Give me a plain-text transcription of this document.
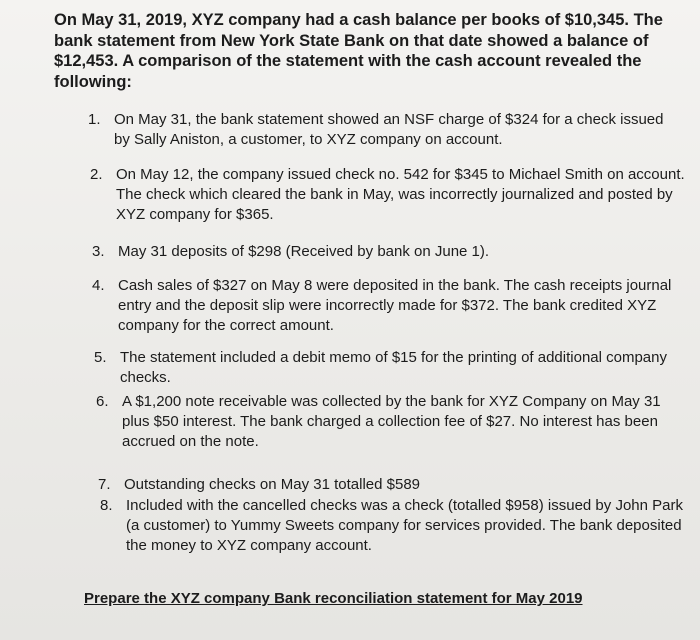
On May 31, 2019, XYZ company had a cash balance per books of $10,345. The bank statement from New York State Bank on that date showed a balance of $12,453. A comparison of the statement with the cash account revealed the following:
1. On May 31, the bank statement showed an NSF charge of $324 for a check issued by Sally Aniston, a customer, to XYZ company on account.
2. On May 12, the company issued check no. 542 for $345 to Michael Smith on account. The check which cleared the bank in May, was incorrectly journalized and posted by XYZ company for $365.
3. May 31 deposits of $298 (Received by bank on June 1).
4. Cash sales of $327 on May 8 were deposited in the bank. The cash receipts journal entry and the deposit slip were incorrectly made for $372. The bank credited XYZ company for the correct amount.
5. The statement included a debit memo of $15 for the printing of additional company checks.
6. A $1,200 note receivable was collected by the bank for XYZ Company on May 31 plus $50 interest. The bank charged a collection fee of $27. No interest has been accrued on the note.
7. Outstanding checks on May 31 totalled $589
8. Included with the cancelled checks was a check (totalled $958) issued by John Park (a customer) to Yummy Sweets company for services provided. The bank deposited the money to XYZ company account.
Prepare the XYZ company Bank reconciliation statement for May 2019
